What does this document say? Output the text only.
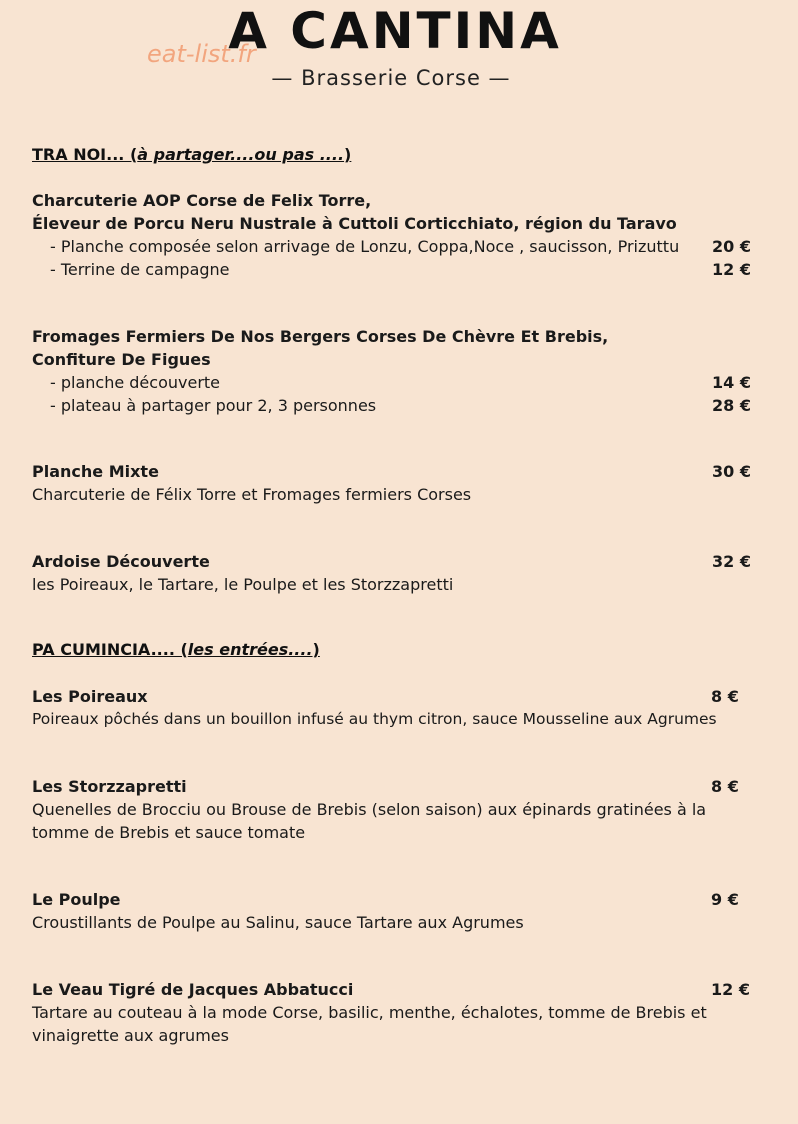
A CANTINA
eat-list.fr
— Brasserie Corse —
TRA NOI... (à partager....ou pas ....)
Charcuterie AOP Corse de Felix Torre,
Éleveur de Porcu Neru Nustrale à Cuttoli Corticchiato, région du Taravo
- Planche composée selon arrivage de Lonzu, Coppa,Noce , saucisson, Prizuttu	20 €
- Terrine de campagne	12 €
Fromages Fermiers De Nos Bergers Corses De Chèvre Et Brebis,
Confiture De Figues
- planche découverte	14 €
- plateau à partager pour 2, 3 personnes	28 €
Planche Mixte	30 €
Charcuterie de Félix Torre et Fromages fermiers Corses
Ardoise Découverte	32 €
les Poireaux, le Tartare, le Poulpe et les Storzzapretti
PA CUMINCIA.... (les entrées....)
Les Poireaux	8 €
Poireaux pôchés dans un bouillon infusé au thym citron, sauce Mousseline aux Agrumes
Les Storzzapretti	8 €
Quenelles de Brocciu ou Brouse de Brebis (selon saison) aux épinards gratinées à la
tomme de Brebis et sauce tomate
Le Poulpe	9 €
Croustillants de Poulpe au Salinu, sauce Tartare aux Agrumes
Le Veau Tigré de Jacques Abbatucci	12 €
Tartare au couteau à la mode Corse, basilic, menthe, échalotes, tomme de Brebis et
vinaigrette aux agrumes
